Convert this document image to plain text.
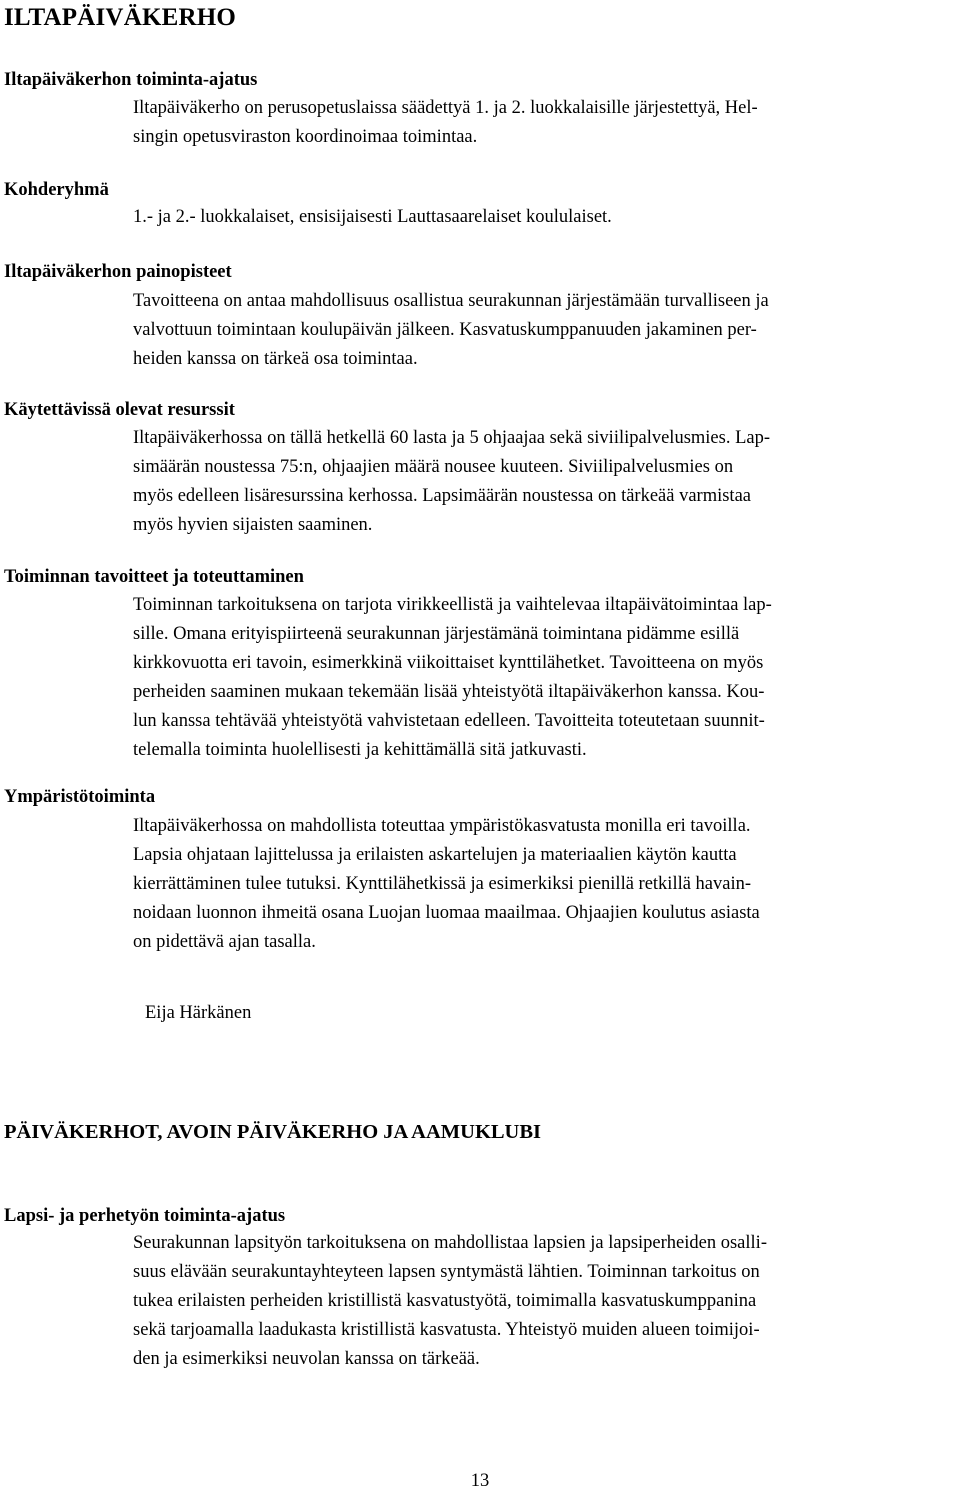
ILTAPÄIVÄKERHO
Iltapäiväkerhon toiminta-ajatus

Iltapäiväkerho on perusopetuslaissa säädettyä 1. ja 2. luokkalaisille järjestettyä, Hel-
singin opetusviraston koordinoimaa toimintaa.

Kohderyhmä

1.- ja 2.- luokkalaiset, ensisijaisesti Lauttasaarelaiset koululaiset.

Iltapäiväkerhon painopisteet

Tavoitteena on antaa mahdollisuus osallistua seurakunnan järjestämään turvalliseen ja
valvottuun toimintaan koulupäivän jälkeen. Kasvatuskumppanuuden jakaminen per-
heiden kanssa on tärkeä osa toimintaa.

Käytettävissä olevat resurssit

Iltapäiväkerhossa on tällä hetkellä 60 lasta ja 5 ohjaajaa sekä siviilipalvelusmies. Lap-
simäärän noustessa 75:n, ohjaajien määrä nousee kuuteen. Siviilipalvelusmies on
myös edelleen lisäresurssina kerhossa. Lapsimäärän noustessa on tärkeää varmistaa
myös hyvien sijaisten saaminen.

Toiminnan tavoitteet ja toteuttaminen

Toiminnan tarkoituksena on tarjota virikkeellistä ja vaihtelevaa iltapäivätoimintaa lap-
sille. Omana erityispiirteenä seurakunnan järjestämänä toimintana pidämme esillä
kirkkovuotta eri tavoin, esimerkkinä viikoittaiset kynttilähetket. Tavoitteena on myös
perheiden saaminen mukaan tekemään lisää yhteistyötä iltapäiväkerhon kanssa. Kou-
lun kanssa tehtävää yhteistyötä vahvistetaan edelleen. Tavoitteita toteutetaan suunnit-
telemalla toiminta huolellisesti ja kehittämällä sitä jatkuvasti.

Ympäristötoiminta

Iltapäiväkerhossa on mahdollista toteuttaa ympäristökasvatusta monilla eri tavoilla.
Lapsia ohjataan lajittelussa ja erilaisten askartelujen ja materiaalien käytön kautta
kierrättäminen tulee tutuksi. Kynttilähetkissä ja esimerkiksi pienillä retkillä havain-
noidaan luonnon ihmeitä osana Luojan luomaa maailmaa. Ohjaajien koulutus asiasta
on pidettävä ajan tasalla.

Eija Härkänen

PÄIVÄKERHOT, AVOIN PÄIVÄKERHO JA AAMUKLUBI
Lapsi- ja perhetyön toiminta-ajatus

Seurakunnan lapsityön tarkoituksena on mahdollistaa lapsien ja lapsiperheiden osalli-
suus elävään seurakuntayhteyteen lapsen syntymästä lähtien. Toiminnan tarkoitus on
tukea erilaisten perheiden kristillistä kasvatustyötä, toimimalla kasvatuskumppanina
sekä tarjoamalla laadukasta kristillistä kasvatusta. Yhteistyö muiden alueen toimijoi-
den ja esimerkiksi neuvolan kanssa on tärkeää.

13
